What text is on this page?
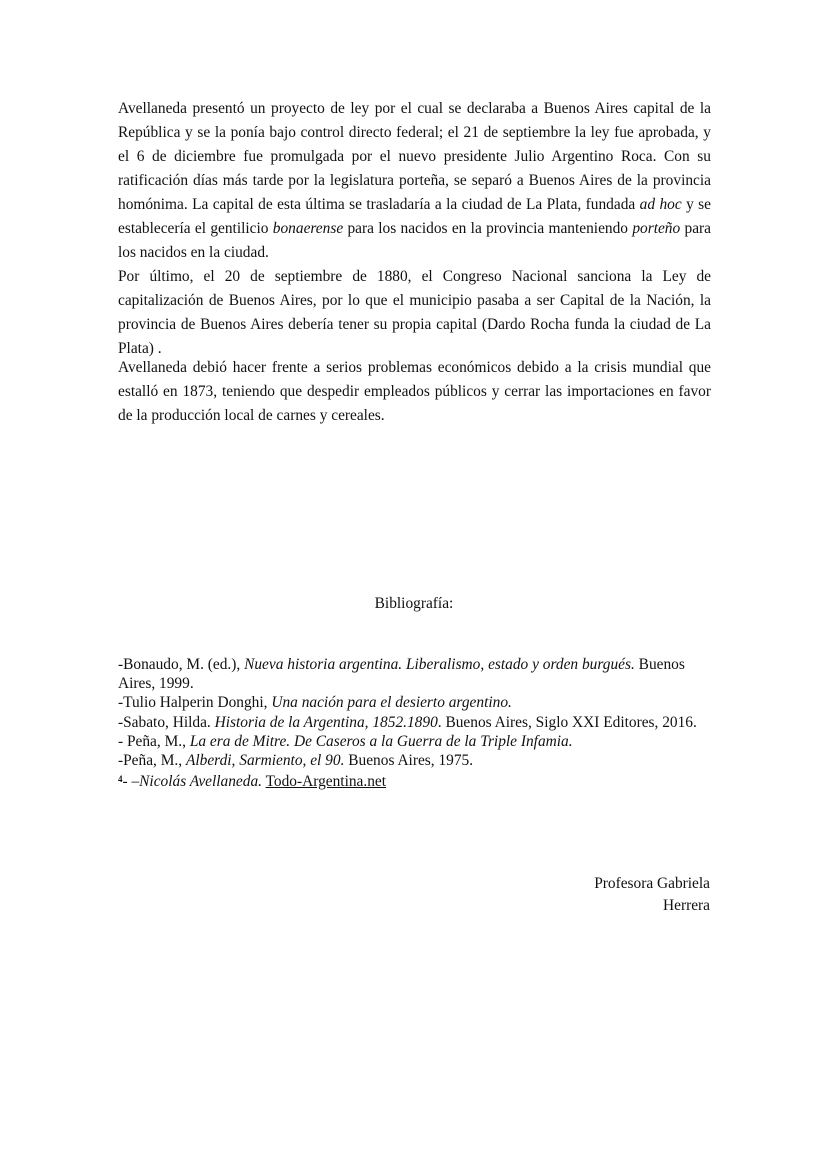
Avellaneda presentó un proyecto de ley por el cual se declaraba a Buenos Aires capital de la República y se la ponía bajo control directo federal; el 21 de septiembre la ley fue aprobada, y el 6 de diciembre fue promulgada por el nuevo presidente Julio Argentino Roca. Con su ratificación días más tarde por la legislatura porteña, se separó a Buenos Aires de la provincia homónima. La capital de esta última se trasladaría a la ciudad de La Plata, fundada ad hoc y se establecería el gentilicio bonaerense para los nacidos en la provincia manteniendo porteño para los nacidos en la ciudad.

Por último, el 20 de septiembre de 1880, el Congreso Nacional sanciona la Ley de capitalización de Buenos Aires, por lo que el municipio pasaba a ser Capital de la Nación, la provincia de Buenos Aires debería tener su propia capital (Dardo Rocha funda la ciudad de La Plata) .

Avellaneda debió hacer frente a serios problemas económicos debido a la crisis mundial que estalló en 1873, teniendo que despedir empleados públicos y cerrar las importaciones en favor de la producción local de carnes y cereales.

Bibliografía:

-Bonaudo, M. (ed.), Nueva historia argentina. Liberalismo, estado y orden burgués. Buenos Aires, 1999.
-Tulio Halperin Donghi, Una nación para el desierto argentino.
-Sabato, Hilda. Historia de la Argentina, 1852.1890. Buenos Aires, Siglo XXI Editores, 2016.
- Peña, M., La era de Mitre. De Caseros a la Guerra de la Triple Infamia.
-Peña, M., Alberdi, Sarmiento, el 90. Buenos Aires, 1975.
$^4$- –Nicolás Avellaneda. Todo-Argentina.net
Profesora Gabriela
Herrera
